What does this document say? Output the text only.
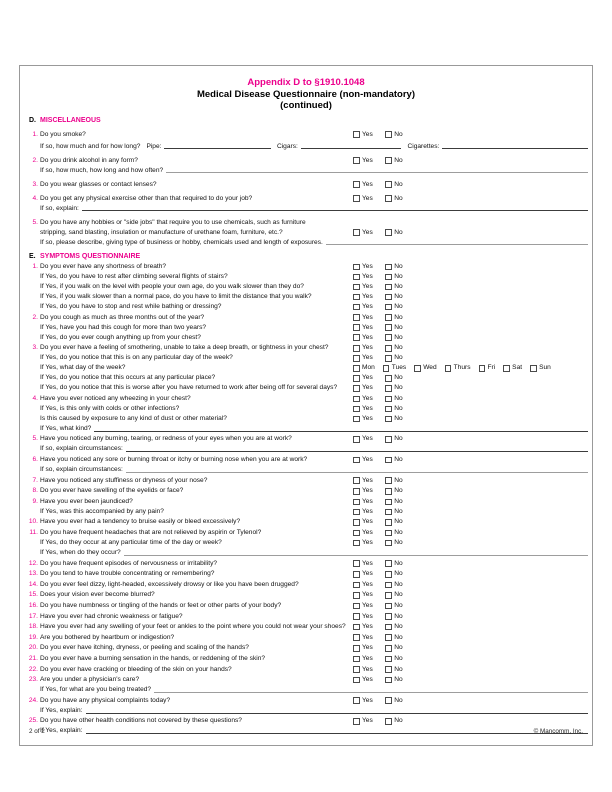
Appendix D to §1910.1048
Medical Disease Questionnaire (non-mandatory)
(continued)
D. MISCELLANEOUS
1. Do you smoke?	Yes	No
If so, how much and for how long? Pipe:	Cigars:	Cigarettes:
2. Do you drink alcohol in any form?	Yes	No
If so, how much, how long and how often?
3. Do you wear glasses or contact lenses?	Yes	No
4. Do you get any physical exercise other than that required to do your job?	Yes	No
If so, explain:
5. Do you have any hobbies or "side jobs" that require you to use chemicals, such as furniture
stripping, sand blasting, insulation or manufacture of urethane foam, furniture, etc.?	Yes	No
If so, please describe, giving type of business or hobby, chemicals used and length of exposures.
E. SYMPTOMS QUESTIONNAIRE
1. Do you ever have any shortness of breath?	Yes	No
If Yes, do you have to rest after climbing several flights of stairs?	Yes	No
If Yes, if you walk on the level with people your own age, do you walk slower than they do?	Yes	No
If Yes, if you walk slower than a normal pace, do you have to limit the distance that you walk?	Yes	No
If Yes, do you have to stop and rest while bathing or dressing?	Yes	No
2. Do you cough as much as three months out of the year?	Yes	No
If Yes, have you had this cough for more than two years?	Yes	No
If Yes, do you ever cough anything up from your chest?	Yes	No
3. Do you ever have a feeling of smothering, unable to take a deep breath, or tightness in your chest?	Yes	No
If Yes, do you notice that this is on any particular day of the week?	Yes	No
If Yes, what day of the week?	Mon	Tues	Wed	Thurs	Fri	Sat	Sun
If Yes, do you notice that this occurs at any particular place?	Yes	No
If Yes, do you notice that this is worse after you have returned to work after being off for several days?	Yes	No
4. Have you ever noticed any wheezing in your chest?	Yes	No
If Yes, is this only with colds or other infections?	Yes	No
Is this caused by exposure to any kind of dust or other material?	Yes	No
If Yes, what kind?
5. Have you noticed any burning, tearing, or redness of your eyes when you are at work?	Yes	No
If so, explain circumstances:
6. Have you noticed any sore or burning throat or itchy or burning nose when you are at work?	Yes	No
If so, explain circumstances:
7. Have you noticed any stuffiness or dryness of your nose?	Yes	No
8. Do you ever have swelling of the eyelids or face?	Yes	No
9. Have you ever been jaundiced?	Yes	No
If Yes, was this accompanied by any pain?	Yes	No
10. Have you ever had a tendency to bruise easily or bleed excessively?	Yes	No
11. Do you have frequent headaches that are not relieved by aspirin or Tylenol?	Yes	No
If Yes, do they occur at any particular time of the day or week?	Yes	No
If Yes, when do they occur?
12. Do you have frequent episodes of nervousness or irritability?	Yes	No
13. Do you tend to have trouble concentrating or remembering?	Yes	No
14. Do you ever feel dizzy, light-headed, excessively drowsy or like you have been drugged?	Yes	No
15. Does your vision ever become blurred?	Yes	No
16. Do you have numbness or tingling of the hands or feet or other parts of your body?	Yes	No
17. Have you ever had chronic weakness or fatigue?	Yes	No
18. Have you ever had any swelling of your feet or ankles to the point where you could not wear your shoes? Yes	No
19. Are you bothered by heartburn or indigestion?	Yes	No
20. Do you ever have itching, dryness, or peeling and scaling of the hands?	Yes	No
21. Do you ever have a burning sensation in the hands, or reddening of the skin?	Yes	No
22. Do you ever have cracking or bleeding of the skin on your hands?	Yes	No
23. Are you under a physician's care?	Yes	No
If Yes, for what are you being treated?
24. Do you have any physical complaints today?	Yes	No
If Yes, explain:
25. Do you have other health conditions not covered by these questions?	Yes	No
If Yes, explain:
2 of 2	© Mancomm, Inc.
